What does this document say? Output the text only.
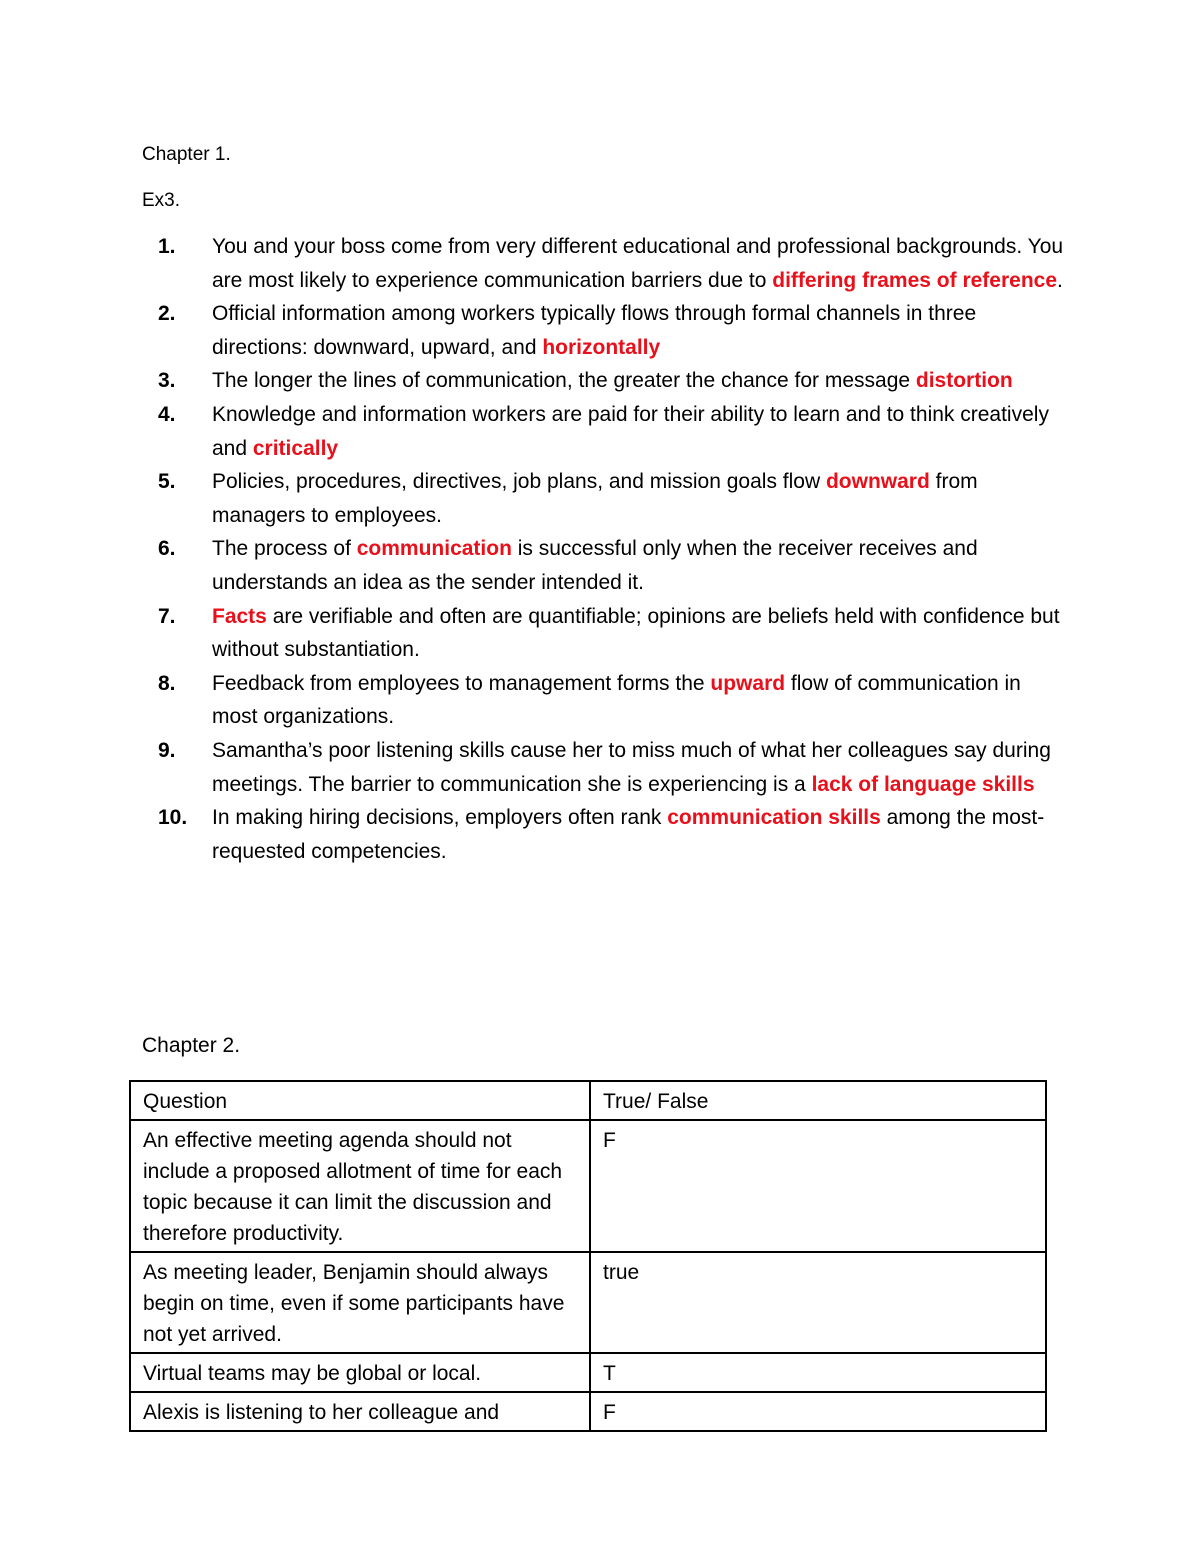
Chapter 1.
Ex3.
1.	You and your boss come from very different educational and professional backgrounds. You are most likely to experience communication barriers due to differing frames of reference.
2.	Official information among workers typically flows through formal channels in three directions: downward, upward, and horizontally
3.	The longer the lines of communication, the greater the chance for message distortion
4.	Knowledge and information workers are paid for their ability to learn and to think creatively and critically
5.	Policies, procedures, directives, job plans, and mission goals flow downward from managers to employees.
6.	The process of communication is successful only when the receiver receives and understands an idea as the sender intended it.
7.	Facts are verifiable and often are quantifiable; opinions are beliefs held with confidence but without substantiation.
8.	Feedback from employees to management forms the upward flow of communication in most organizations.
9.	Samantha’s poor listening skills cause her to miss much of what her colleagues say during meetings. The barrier to communication she is experiencing is a lack of language skills
10.	In making hiring decisions, employers often rank communication skills among the most-requested competencies.
Chapter 2.
Question	True/ False
An effective meeting agenda should not include a proposed allotment of time for each topic because it can limit the discussion and therefore productivity.	F
As meeting leader, Benjamin should always begin on time, even if some participants have not yet arrived.	true
Virtual teams may be global or local.	T
Alexis is listening to her colleague and	F
